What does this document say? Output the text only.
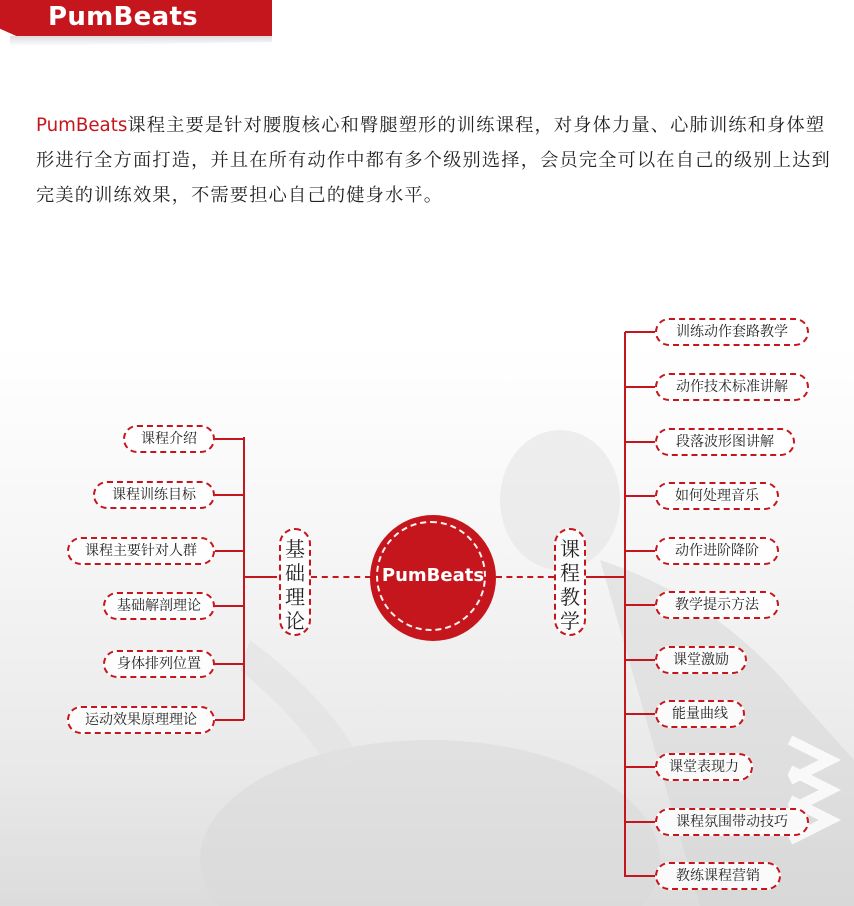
PumBeats
PumBeats课程主要是针对腰腹核心和臀腿塑形的训练课程，对身体力量、心肺训练和身体塑形进行全方面打造，并且在所有动作中都有多个级别选择，会员完全可以在自己的级别上达到完美的训练效果，不需要担心自己的健身水平。
PumBeats
基
础
理
论
课
程
教
学
课程介绍
课程训练目标
课程主要针对人群
基础解剖理论
身体排列位置
运动效果原理理论
训练动作套路教学
动作技术标准讲解
段落波形图讲解
如何处理音乐
动作进阶降阶
教学提示方法
课堂激励
能量曲线
课堂表现力
课程氛围带动技巧
教练课程营销
